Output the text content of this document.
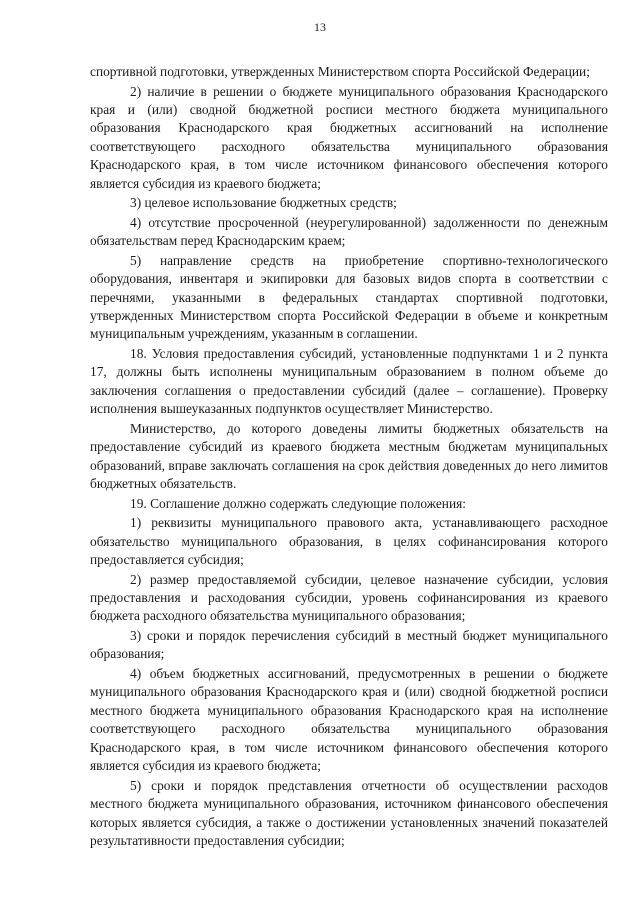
13

спортивной подготовки, утвержденных Министерством спорта Российской Федерации;

2) наличие в решении о бюджете муниципального образования Краснодарского края и (или) сводной бюджетной росписи местного бюджета муниципального образования Краснодарского края бюджетных ассигнований на исполнение соответствующего расходного обязательства муниципального образования Краснодарского края, в том числе источником финансового обеспечения которого является субсидия из краевого бюджета;

3) целевое использование бюджетных средств;

4) отсутствие просроченной (неурегулированной) задолженности по денежным обязательствам перед Краснодарским краем;

5) направление средств на приобретение спортивно-технологического оборудования, инвентаря и экипировки для базовых видов спорта в соответствии с перечнями, указанными в федеральных стандартах спортивной подготовки, утвержденных Министерством спорта Российской Федерации в объеме и конкретным муниципальным учреждениям, указанным в соглашении.

18. Условия предоставления субсидий, установленные подпунктами 1 и 2 пункта 17, должны быть исполнены муниципальным образованием в полном объеме до заключения соглашения о предоставлении субсидий (далее – соглашение). Проверку исполнения вышеуказанных подпунктов осуществляет Министерство.

Министерство, до которого доведены лимиты бюджетных обязательств на предоставление субсидий из краевого бюджета местным бюджетам муниципальных образований, вправе заключать соглашения на срок действия доведенных до него лимитов бюджетных обязательств.

19. Соглашение должно содержать следующие положения:

1) реквизиты муниципального правового акта, устанавливающего расходное обязательство муниципального образования, в целях софинансирования которого предоставляется субсидия;

2) размер предоставляемой субсидии, целевое назначение субсидии, условия предоставления и расходования субсидии, уровень софинансирования из краевого бюджета расходного обязательства муниципального образования;

3) сроки и порядок перечисления субсидий в местный бюджет муниципального образования;

4) объем бюджетных ассигнований, предусмотренных в решении о бюджете муниципального образования Краснодарского края и (или) сводной бюджетной росписи местного бюджета муниципального образования Краснодарского края на исполнение соответствующего расходного обязательства муниципального образования Краснодарского края, в том числе источником финансового обеспечения которого является субсидия из краевого бюджета;

5) сроки и порядок представления отчетности об осуществлении расходов местного бюджета муниципального образования, источником финансового обеспечения которых является субсидия, а также о достижении установленных значений показателей результативности предоставления субсидии;
